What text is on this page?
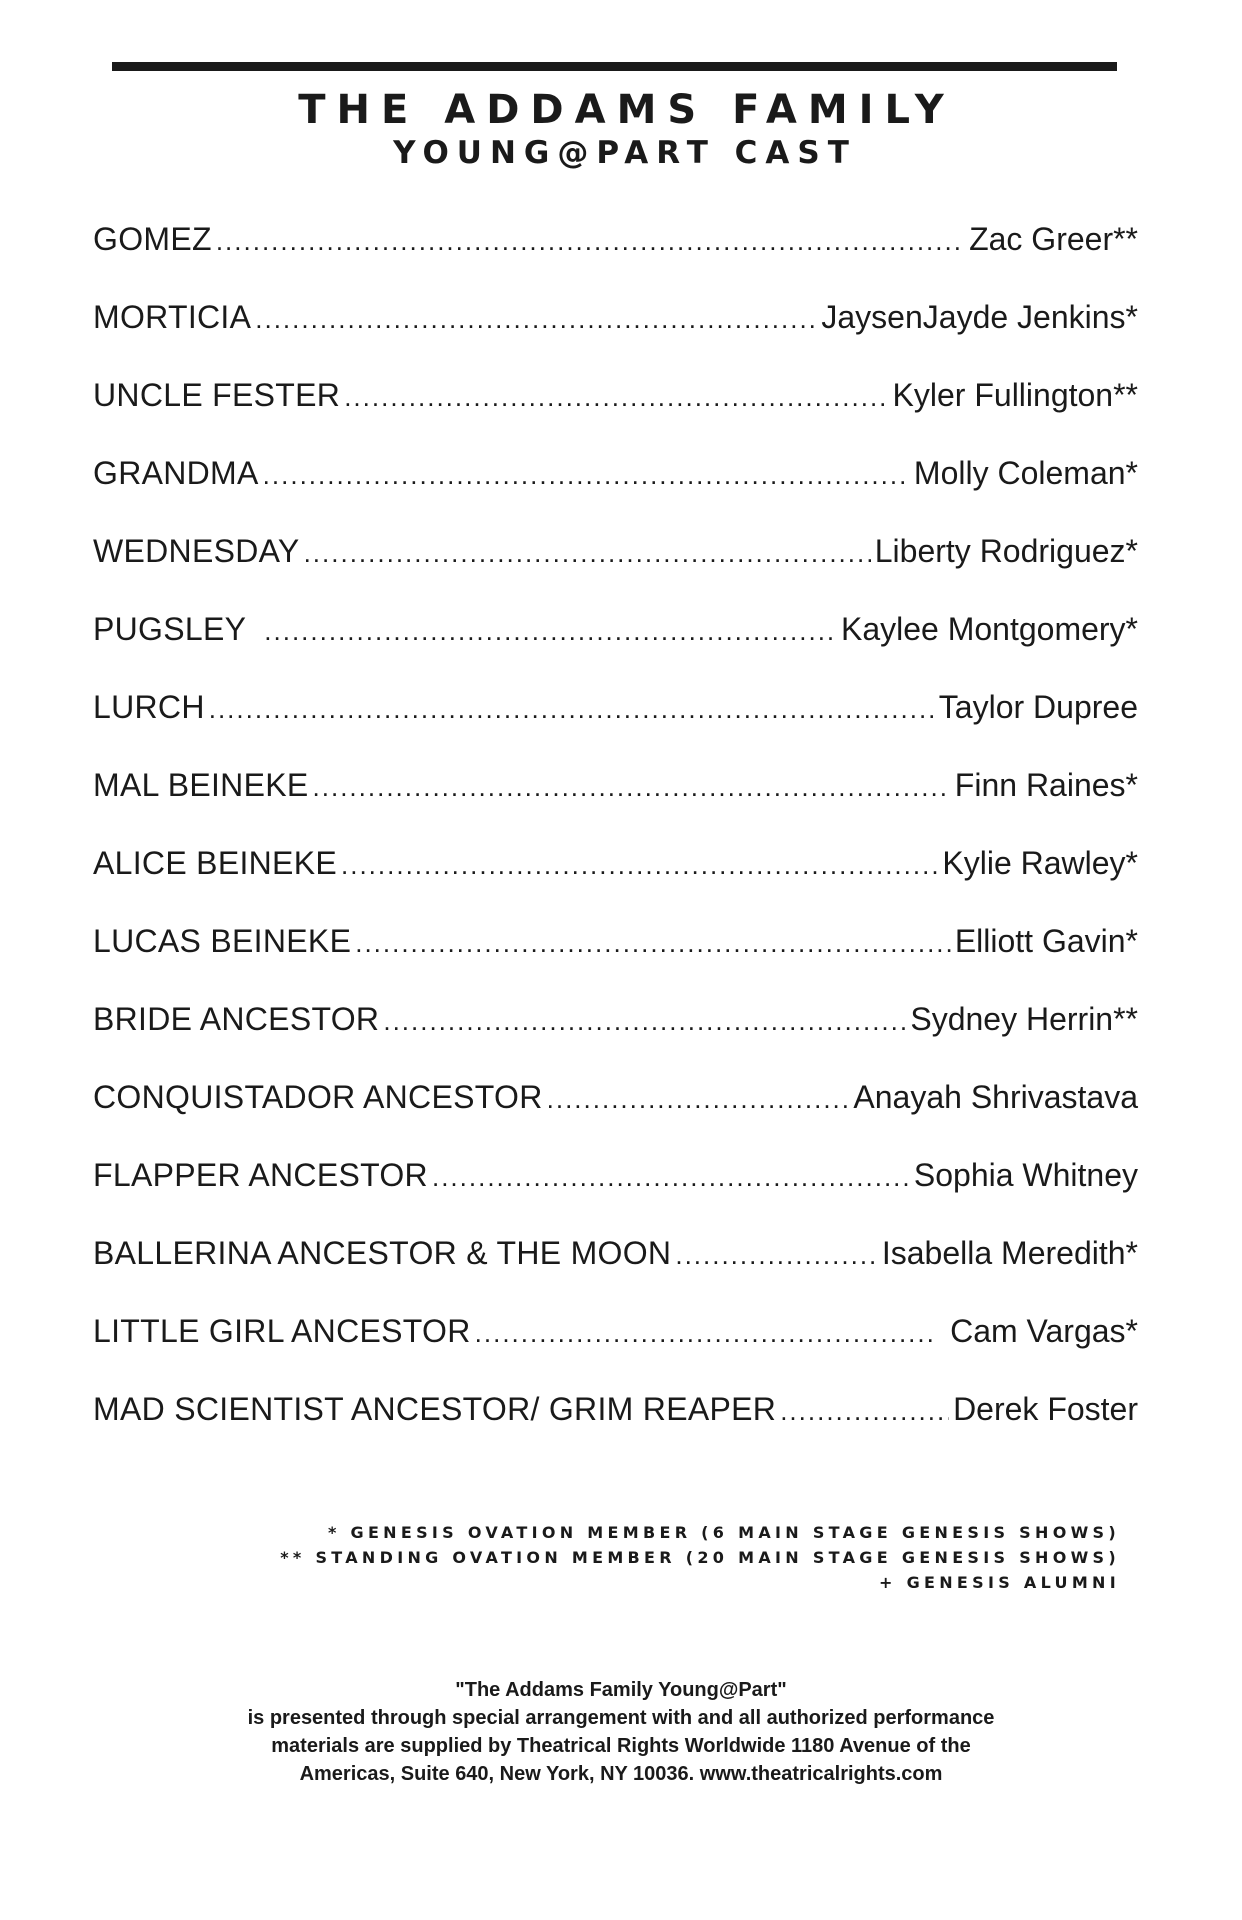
THE ADDAMS FAMILY
YOUNG@PART CAST
GOMEZ .....	Zac Greer**
MORTICIA .....	JaysenJayde Jenkins*
UNCLE FESTER .....	Kyler Fullington**
GRANDMA .....	Molly Coleman*
WEDNESDAY .....	Liberty Rodriguez*
PUGSLEY .....	Kaylee Montgomery*
LURCH .....	Taylor Dupree
MAL BEINEKE .....	Finn Raines*
ALICE BEINEKE .....	Kylie Rawley*
LUCAS BEINEKE .....	Elliott Gavin*
BRIDE ANCESTOR .....	Sydney Herrin**
CONQUISTADOR ANCESTOR .....	Anayah Shrivastava
FLAPPER ANCESTOR .....	Sophia Whitney
BALLERINA ANCESTOR & THE MOON .....	Isabella Meredith*
LITTLE GIRL ANCESTOR .....	Cam Vargas*
MAD SCIENTIST ANCESTOR/ GRIM REAPER .....	Derek Foster
* GENESIS OVATION MEMBER (6 MAIN STAGE GENESIS SHOWS)
** STANDING OVATION MEMBER (20 MAIN STAGE GENESIS SHOWS)
+ GENESIS ALUMNI
"The Addams Family Young@Part"
is presented through special arrangement with and all authorized performance
materials are supplied by Theatrical Rights Worldwide 1180 Avenue of the
Americas, Suite 640, New York, NY 10036. www.theatricalrights.com
